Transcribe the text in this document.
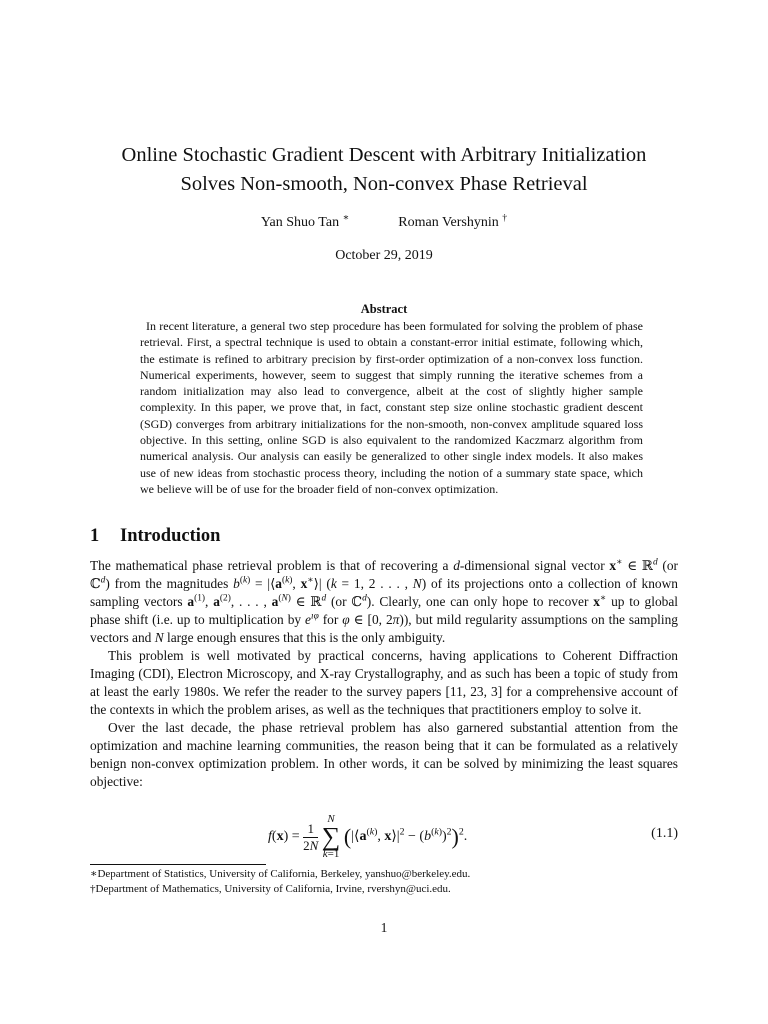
Online Stochastic Gradient Descent with Arbitrary Initialization
Solves Non-smooth, Non-convex Phase Retrieval
Yan Shuo Tan ∗	Roman Vershynin †
October 29, 2019
Abstract
In recent literature, a general two step procedure has been formulated for solving the problem of phase retrieval. First, a spectral technique is used to obtain a constant-error initial estimate, following which, the estimate is refined to arbitrary precision by first-order optimization of a non-convex loss function. Numerical experiments, however, seem to suggest that simply running the iterative schemes from a random initialization may also lead to convergence, albeit at the cost of slightly higher sample complexity. In this paper, we prove that, in fact, constant step size online stochastic gradient descent (SGD) converges from arbitrary initializations for the non-smooth, non-convex amplitude squared loss objective. In this setting, online SGD is also equivalent to the randomized Kaczmarz algorithm from numerical analysis. Our analysis can easily be generalized to other single index models. It also makes use of new ideas from stochastic process theory, including the notion of a summary state space, which we believe will be of use for the broader field of non-convex optimization.
1 Introduction

The mathematical phase retrieval problem is that of recovering a d-dimensional signal vector x∗ ∈ ℝ$^d$ (or ℂ$^d$) from the magnitudes $b^{(k)}$ = $|⟨a^{(k)}$, x∗⟩| (k = 1, 2 . . . , N) of its projections onto a collection of known sampling vectors $a^{(1)}$, $a^{(2)}$, . . . , $a^{(N)}$ ∈ ℝ$^d$ (or ℂ$^d$). Clearly, one can only hope to recover x∗ up to global phase shift (i.e. up to multiplication by $e^{ı\varphi}$ for φ ∈ [0, 2π)), but mild regularity assumptions on the sampling vectors and N large enough ensures that this is the only ambiguity.

This problem is well motivated by practical concerns, having applications to Coherent Diffraction Imaging (CDI), Electron Microscopy, and X-ray Crystallography, and as such has been a topic of study from at least the early 1980s. We refer the reader to the survey papers [11, 23, 3] for a comprehensive account of the contexts in which the problem arises, as well as the techniques that practitioners employ to solve it.

Over the last decade, the phase retrieval problem has also garnered substantial attention from the optimization and machine learning communities, the reason being that it can be formulated as a relatively benign non-convex optimization problem. In other words, it can be solved by minimizing the least squares objective:

$f(x) = \frac{1}{2N}$
N
∑
k=1 ($|⟨a^{(k)}$, $x⟩|^2 - (b^{(k)})^2)^2$.	(1.1)
∗Department of Statistics, University of California, Berkeley, yanshuo@berkeley.edu.
†Department of Mathematics, University of California, Irvine, rvershyn@uci.edu.
1
